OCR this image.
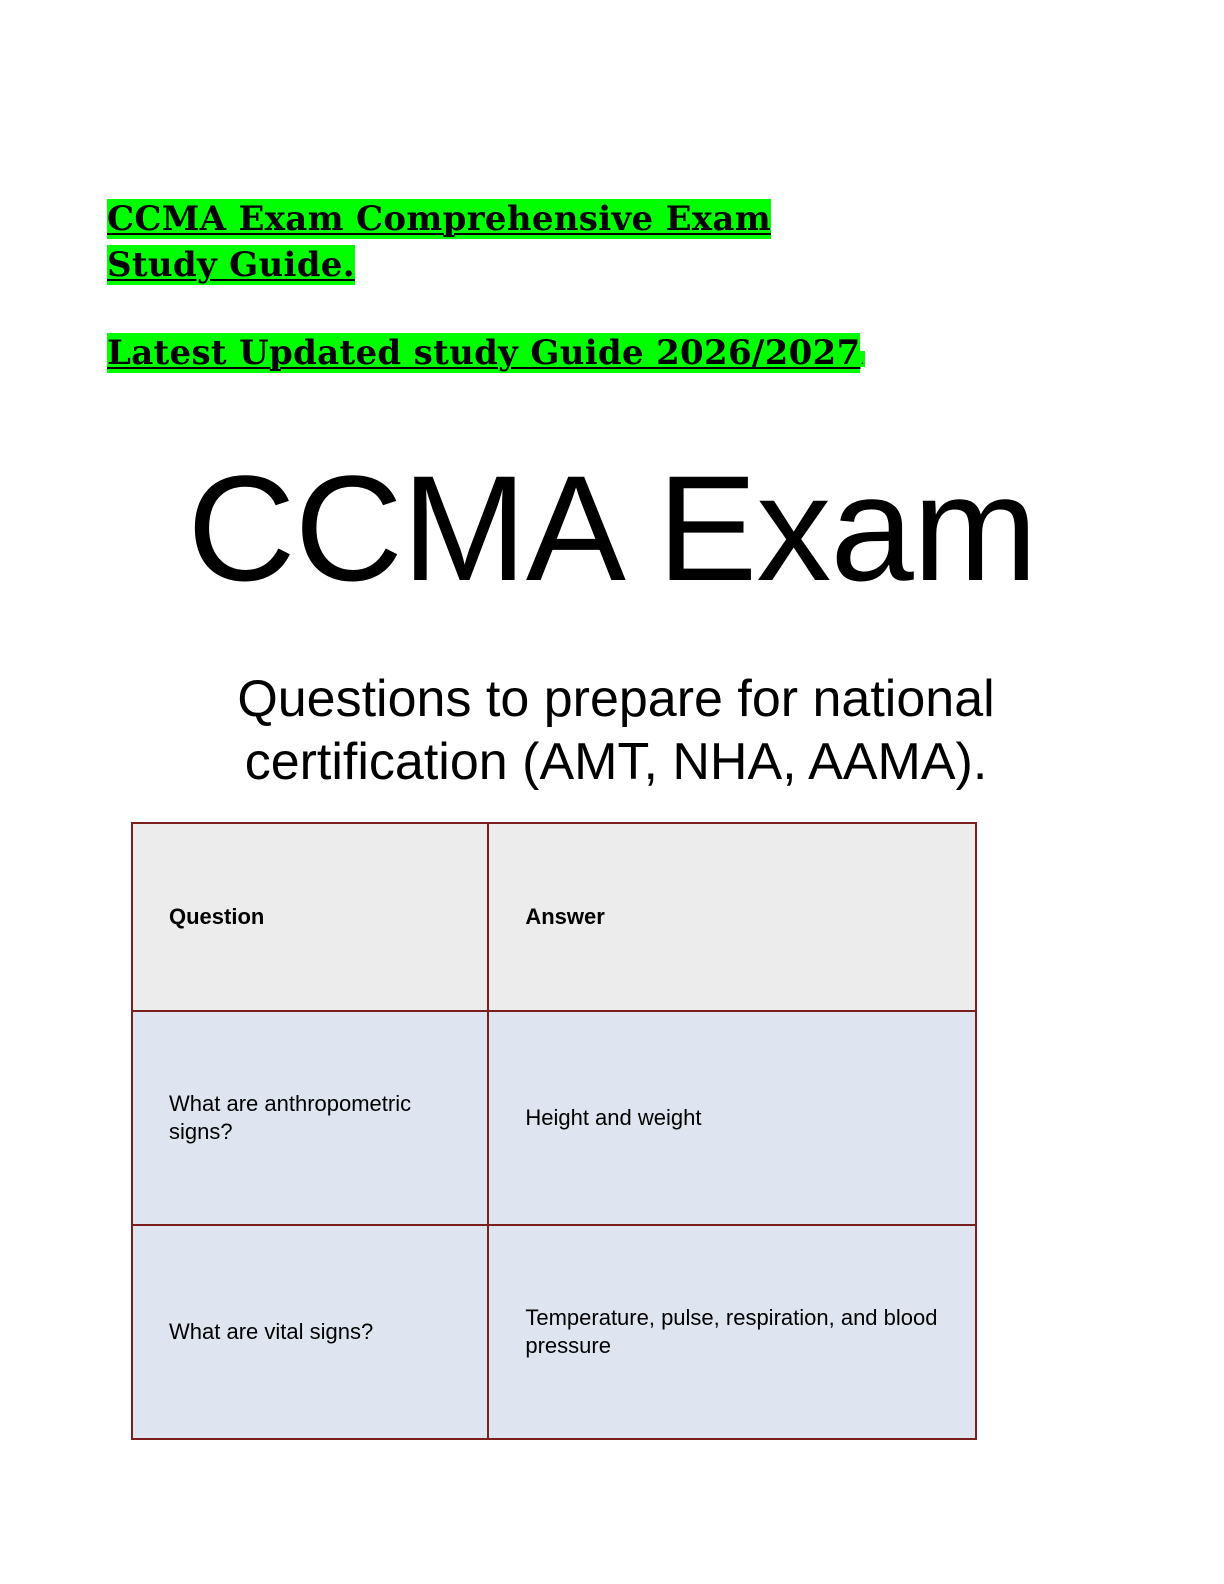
CCMA Exam Comprehensive Exam
Study Guide.
Latest Updated study Guide 2026/2027.
CCMA Exam
Questions to prepare for national
certification (AMT, NHA, AAMA).
Question	Answer
What are anthropometric signs?	Height and weight
What are vital signs?	Temperature, pulse, respiration, and blood pressure
